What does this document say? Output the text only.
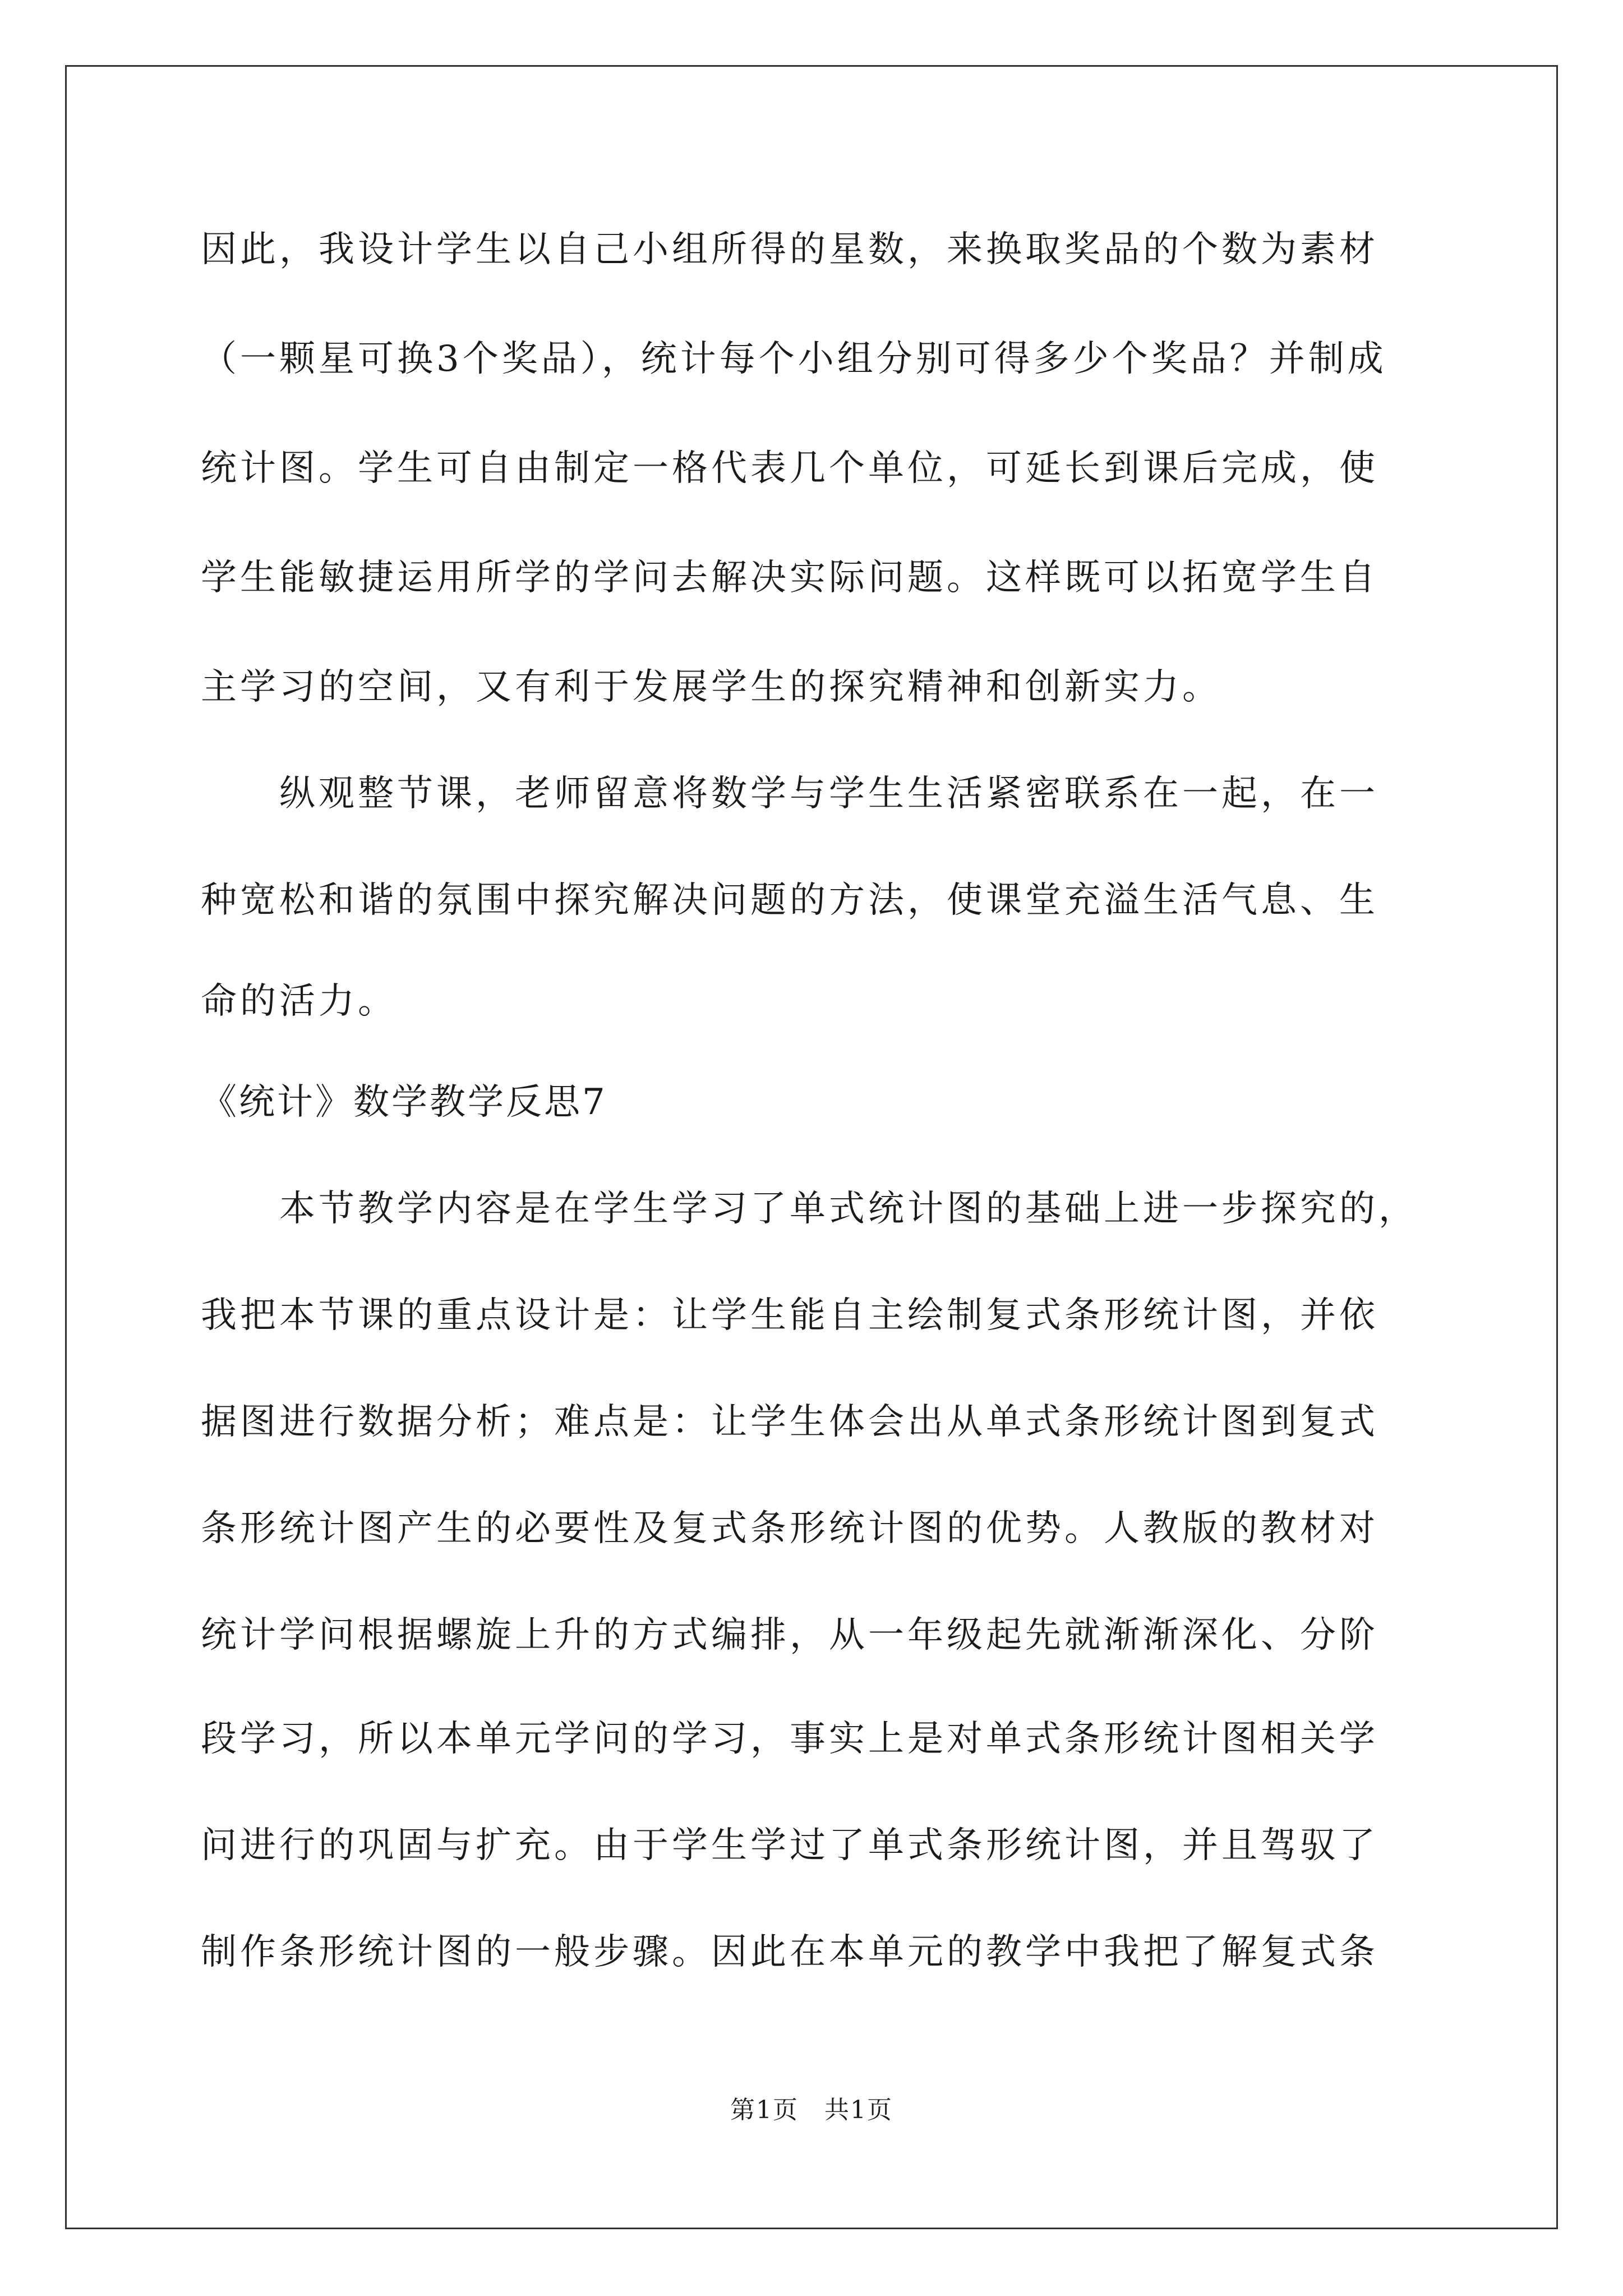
因此，我设计学生以自己小组所得的星数，来换取奖品的个数为素材
（一颗星可换3个奖品），统计每个小组分别可得多少个奖品？并制成
统计图。学生可自由制定一格代表几个单位，可延长到课后完成，使
学生能敏捷运用所学的学问去解决实际问题。这样既可以拓宽学生自
主学习的空间，又有利于发展学生的探究精神和创新实力。
纵观整节课，老师留意将数学与学生生活紧密联系在一起，在一
种宽松和谐的氛围中探究解决问题的方法，使课堂充溢生活气息、生
命的活力。
《统计》数学教学反思7
本节教学内容是在学生学习了单式统计图的基础上进一步探究的，
我把本节课的重点设计是：让学生能自主绘制复式条形统计图，并依
据图进行数据分析；难点是：让学生体会出从单式条形统计图到复式
条形统计图产生的必要性及复式条形统计图的优势。人教版的教材对
统计学问根据螺旋上升的方式编排，从一年级起先就渐渐深化、分阶
段学习，所以本单元学问的学习，事实上是对单式条形统计图相关学
问进行的巩固与扩充。由于学生学过了单式条形统计图，并且驾驭了
制作条形统计图的一般步骤。因此在本单元的教学中我把了解复式条
第1页　共1页
